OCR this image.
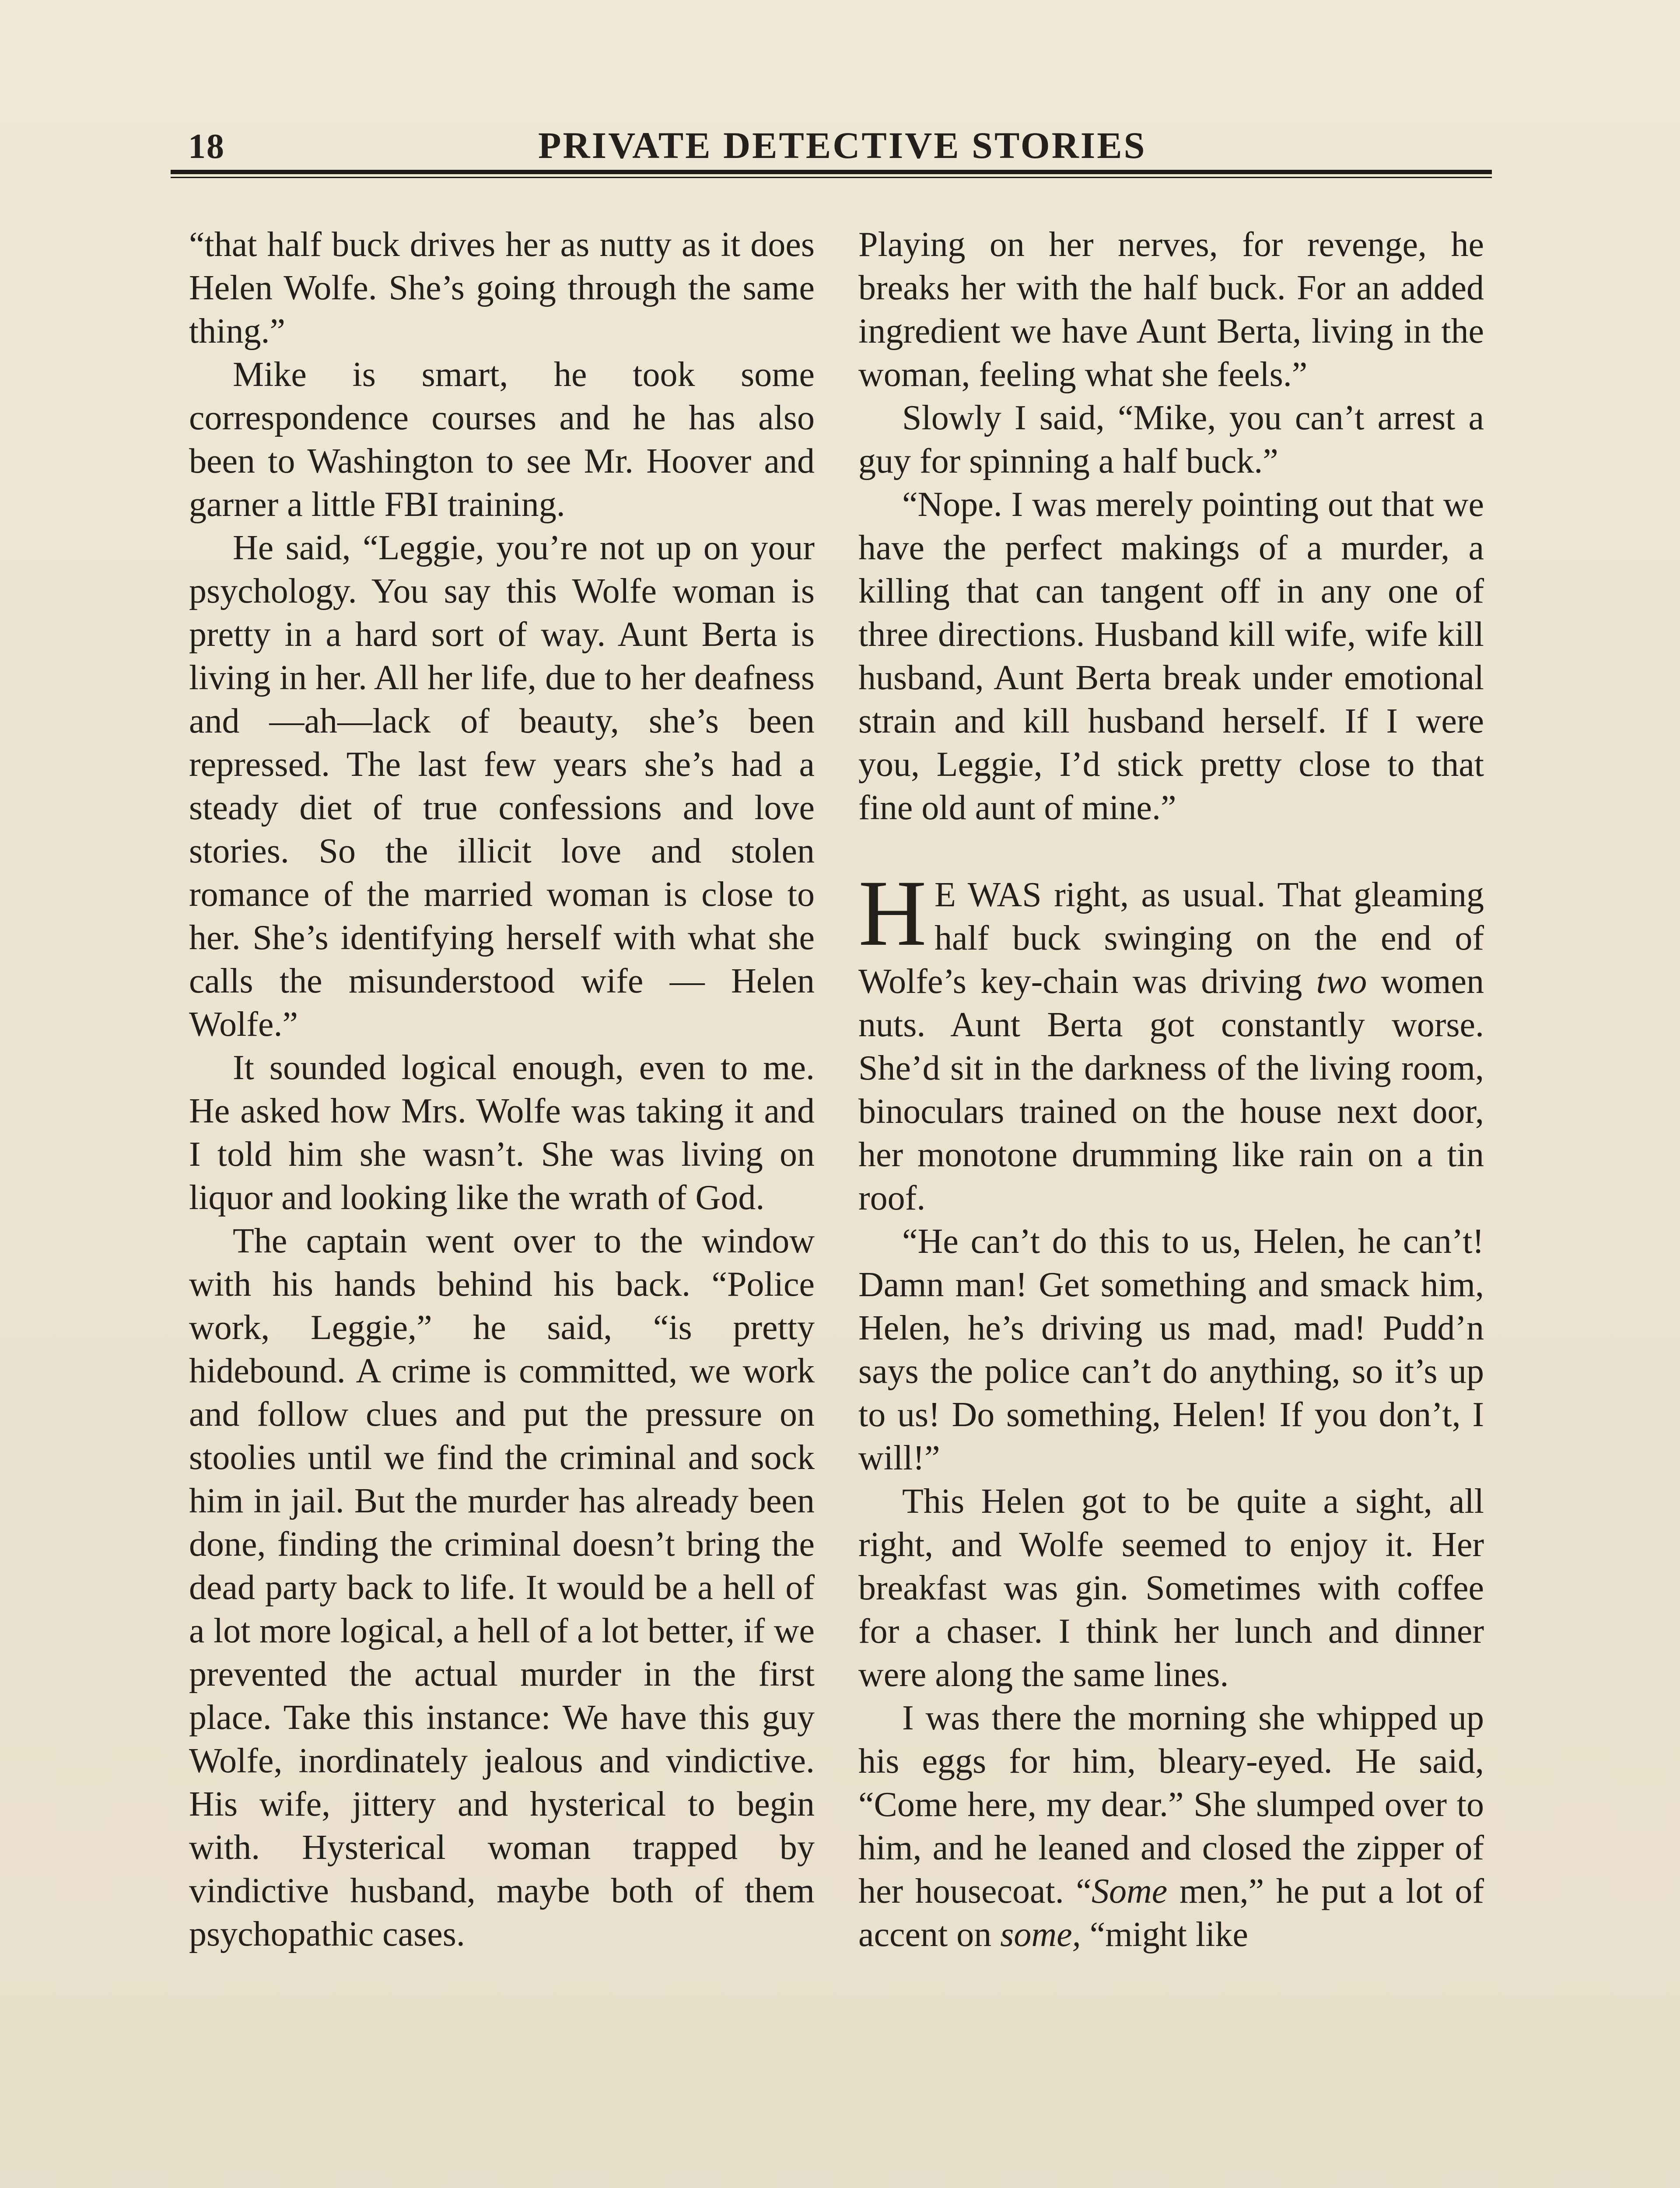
18	PRIVATE DETECTIVE STORIES

“that half buck drives her as nutty as it does Helen Wolfe. She’s going through the same thing.”

Mike is smart, he took some correspondence courses and he has also been to Washington to see Mr. Hoover and garner a little FBI training.

He said, “Leggie, you’re not up on your psychology. You say this Wolfe woman is pretty in a hard sort of way. Aunt Berta is living in her. All her life, due to her deafness and —ah—lack of beauty, she’s been repressed. The last few years she’s had a steady diet of true confessions and love stories. So the illicit love and stolen romance of the married woman is close to her. She’s identifying herself with what she calls the misunderstood wife — Helen Wolfe.”

It sounded logical enough, even to me. He asked how Mrs. Wolfe was taking it and I told him she wasn’t. She was living on liquor and looking like the wrath of God.

The captain went over to the window with his hands behind his back. “Police work, Leggie,” he said, “is pretty hidebound. A crime is committed, we work and follow clues and put the pressure on stoolies until we find the criminal and sock him in jail. But the murder has already been done, finding the criminal doesn’t bring the dead party back to life. It would be a hell of a lot more logical, a hell of a lot better, if we prevented the actual murder in the first place. Take this instance: We have this guy Wolfe, inordinately jealous and vindictive. His wife, jittery and hysterical to begin with. Hysterical woman trapped by vindictive husband, maybe both of them psychopathic cases.

Playing on her nerves, for revenge, he breaks her with the half buck. For an added ingredient we have Aunt Berta, living in the woman, feeling what she feels.”

Slowly I said, “Mike, you can’t arrest a guy for spinning a half buck.”

“Nope. I was merely pointing out that we have the perfect makings of a murder, a killing that can tangent off in any one of three directions. Husband kill wife, wife kill husband, Aunt Berta break under emotional strain and kill husband herself. If I were you, Leggie, I’d stick pretty close to that fine old aunt of mine.”

H E WAS right, as usual. That gleaming half buck swinging on the end of Wolfe’s key-chain was driving two women nuts. Aunt Berta got constantly worse. She’d sit in the darkness of the living room, binoculars trained on the house next door, her monotone drumming like rain on a tin roof.

“He can’t do this to us, Helen, he can’t! Damn man! Get something and smack him, Helen, he’s driving us mad, mad! Pudd’n says the police can’t do anything, so it’s up to us! Do something, Helen! If you don’t, I will!”

This Helen got to be quite a sight, all right, and Wolfe seemed to enjoy it. Her breakfast was gin. Sometimes with coffee for a chaser. I think her lunch and dinner were along the same lines.

I was there the morning she whipped up his eggs for him, bleary-eyed. He said, “Come here, my dear.” She slumped over to him, and he leaned and closed the zipper of her housecoat. “Some men,” he put a lot of accent on some, “might like
